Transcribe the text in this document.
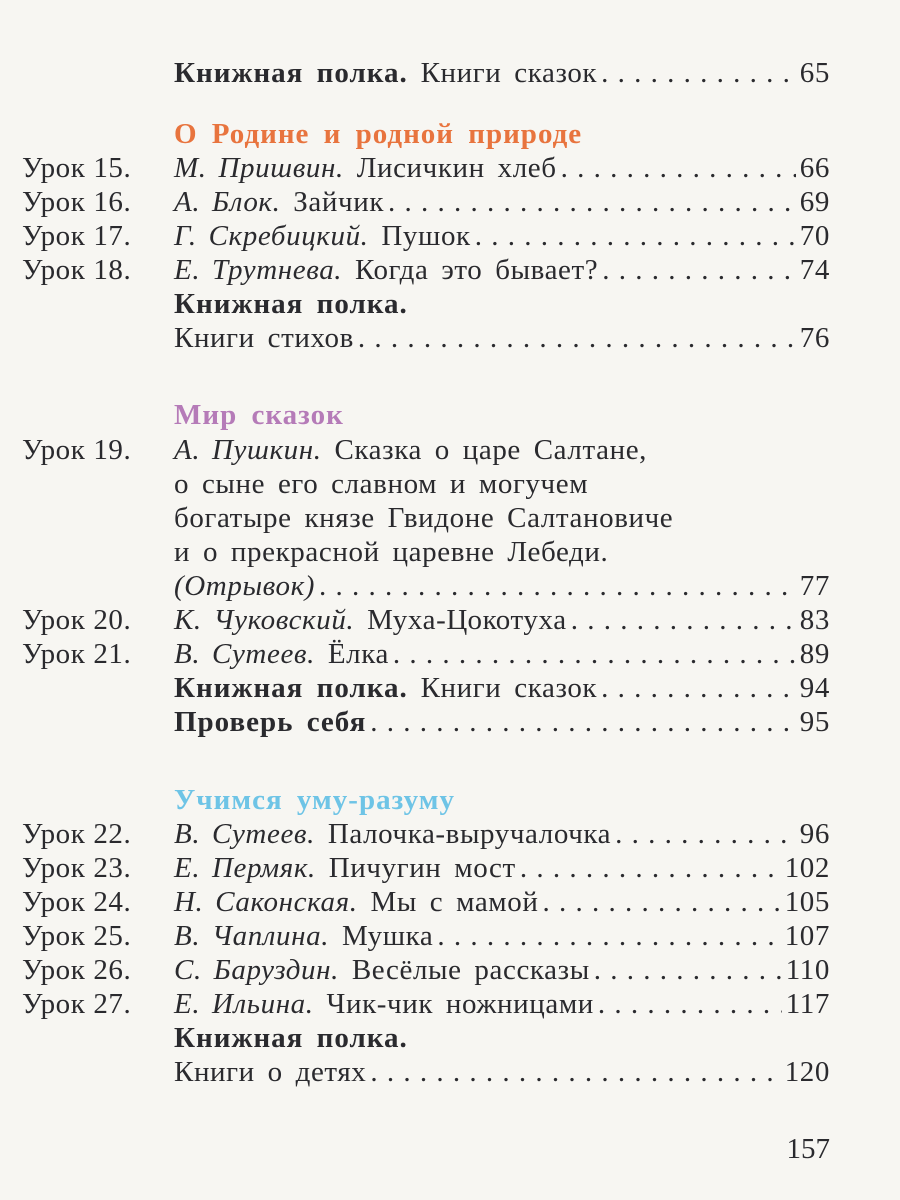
Книжная полка. Книги сказок . . .	65
О Родине и родной природе
Урок 15. М. Пришвин. Лисичкин хлеб . . .	66
Урок 16. А. Блок. Зайчик . . .	69
Урок 17. Г. Скребицкий. Пушок . . .	70
Урок 18. Е. Трутнева. Когда это бывает? . . .	74
Книжная полка.
Книги стихов . . .	76
Мир сказок
Урок 19. А. Пушкин. Сказка о царе Салтане,
о сыне его славном и могучем
богатыре князе Гвидоне Салтановиче
и о прекрасной царевне Лебеди.
(Отрывок) . . .	77
Урок 20. К. Чуковский. Муха-Цокотуха . . .	83
Урок 21. В. Сутеев. Ёлка . . .	89
Книжная полка. Книги сказок . . .	94
Проверь себя . . .	95
Учимся уму-разуму
Урок 22. В. Сутеев. Палочка-выручалочка . . .	96
Урок 23. Е. Пермяк. Пичугин мост . . .	102
Урок 24. Н. Саконская. Мы с мамой . . .	105
Урок 25. В. Чаплина. Мушка . . .	107
Урок 26. С. Баруздин. Весёлые рассказы . . .	110
Урок 27. Е. Ильина. Чик-чик ножницами . . .	117
Книжная полка.
Книги о детях . . .	120
157
